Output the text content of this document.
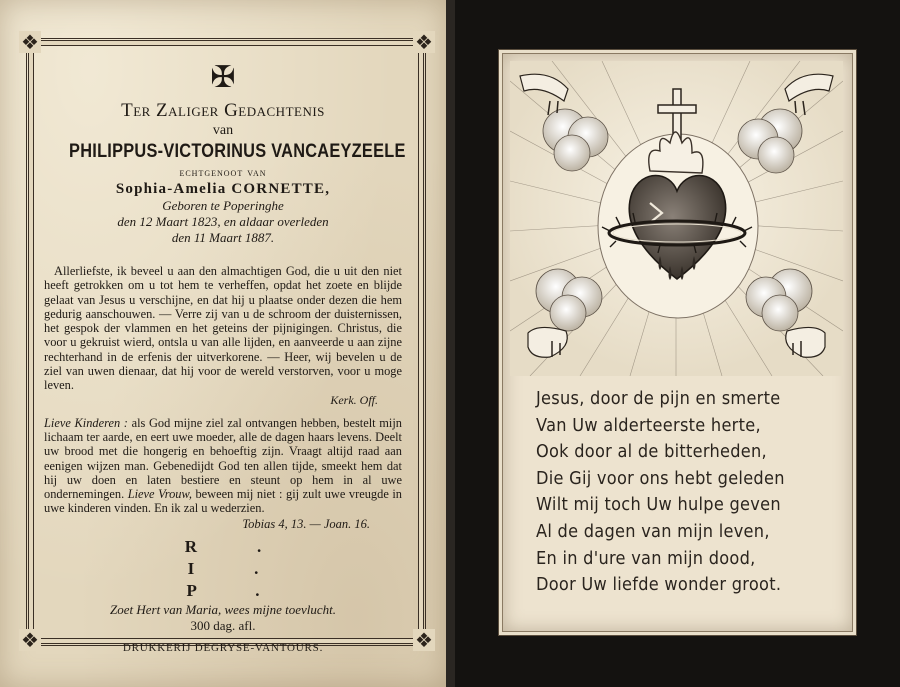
❖	❖
❖	❖
✠
Ter Zaliger Gedachtenis
van
PHILIPPUS-VICTORINUS VANCAEYZEELE
echtgenoot van
Sophia-Amelia CORNETTE,
Geboren te Poperinghe
den 12 Maart 1823, en aldaar overleden
den 11 Maart 1887.
Allerliefste, ik beveel u aan den almachtigen God, die u uit den niet heeft getrokken om u tot hem te verheffen, opdat het zoete en blijde gelaat van Jesus u verschijne, en dat hij u plaatse onder dezen die hem gedurig aanschouwen. — Verre zij van u de schroom der duisternissen, het gespok der vlammen en het geteins der pijnigingen. Christus, die voor u gekruist wierd, ontsla u van alle lijden, en aanveerde u aan zijne rechterhand in de erfenis der uitverkorene. — Heer, wij bevelen u de ziel van uwen dienaar, dat hij voor de wereld verstorven, voor u moge leven.
Kerk. Off.
Lieve Kinderen : als God mijne ziel zal ontvangen hebben, bestelt mijn lichaam ter aarde, en eert uwe moeder, alle de dagen haars levens. Deelt uw brood met die hongerig en behoeftig zijn. Vraagt altijd raad aan eenigen wijzen man. Gebenedijdt God ten allen tijde, smeekt hem dat hij uw doen en laten bestiere en steunt op hem in al uwe ondernemingen. Lieve Vrouw, beween mij niet : gij zult uwe vreugde in uwe kinderen vinden. En ik zal u wederzien.
Tobias 4, 13. — Joan. 16.
R. I. P.
Zoet Hert van Maria, wees mijne toevlucht.
300 dag. afl.
DRUKKERIJ DEGRYSE-VANTOURS.
Jesus, door de pijn en smerte
Van Uw alderteerste herte,
Ook door al de bitterheden,
Die Gij voor ons hebt geleden
Wilt mij toch Uw hulpe geven
Al de dagen van mijn leven,
En in d'ure van mijn dood,
Door Uw liefde wonder groot.
